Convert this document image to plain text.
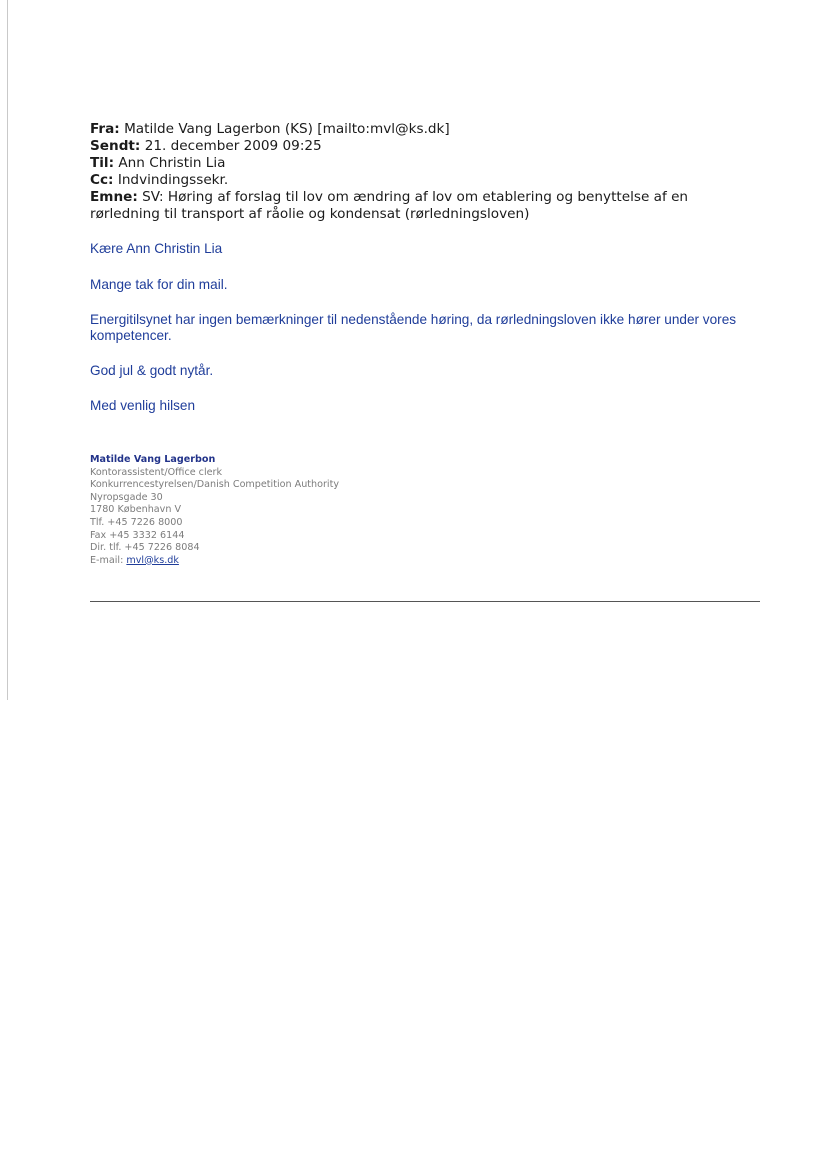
Fra: Matilde Vang Lagerbon (KS) [mailto:mvl@ks.dk]
Sendt: 21. december 2009 09:25
Til: Ann Christin Lia
Cc: Indvindingssekr.
Emne: SV: Høring af forslag til lov om ændring af lov om etablering og benyttelse af en rørledning til transport af råolie og kondensat (rørledningsloven)

Kære Ann Christin Lia

Mange tak for din mail.

Energitilsynet har ingen bemærkninger til nedenstående høring, da rørledningsloven ikke hører under vores kompetencer.

God jul & godt nytår.

Med venlig hilsen

Matilde Vang Lagerbon
Kontorassistent/Office clerk
Konkurrencestyrelsen/Danish Competition Authority
Nyropsgade 30
1780 København V
Tlf. +45 7226 8000
Fax +45 3332 6144
Dir. tlf. +45 7226 8084
E-mail: mvl@ks.dk
